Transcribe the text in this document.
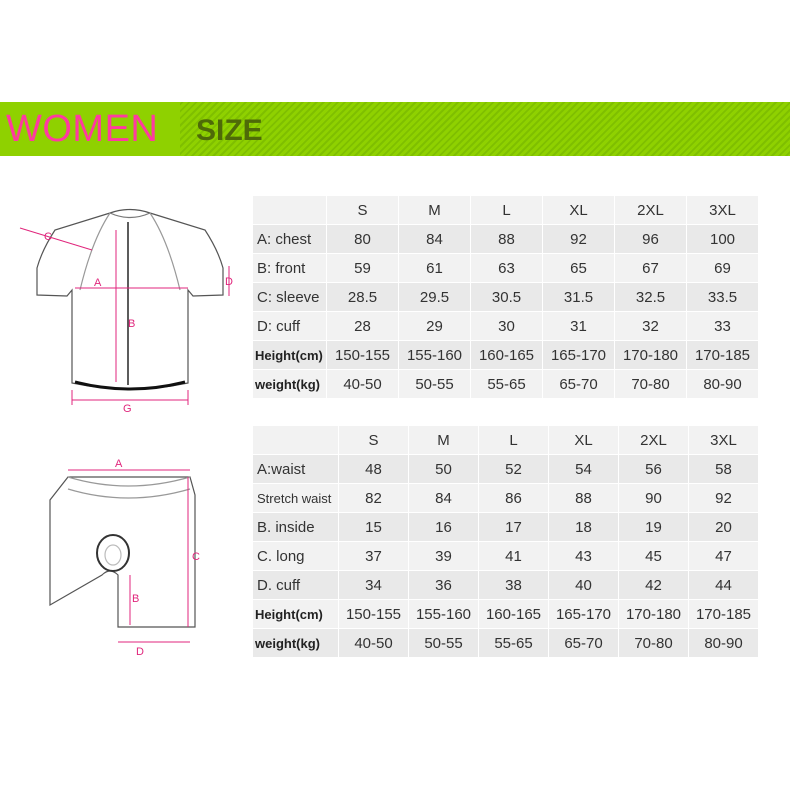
WOMEN SIZE
C
A
B
D
G
A
C
B
D
	S	M	L	XL	2XL	3XL
A: chest	80	84	88	92	96	100
B: front	59	61	63	65	67	69
C: sleeve	28.5	29.5	30.5	31.5	32.5	33.5
D: cuff	28	29	30	31	32	33
Height(cm)	150-155	155-160	160-165	165-170	170-180	170-185
weight(kg)	40-50	50-55	55-65	65-70	70-80	80-90
	S	M	L	XL	2XL	3XL
A:waist	48	50	52	54	56	58
Stretch waist	82	84	86	88	90	92
B. inside	15	16	17	18	19	20
C. long	37	39	41	43	45	47
D. cuff	34	36	38	40	42	44
Height(cm)	150-155	155-160	160-165	165-170	170-180	170-185
weight(kg)	40-50	50-55	55-65	65-70	70-80	80-90
